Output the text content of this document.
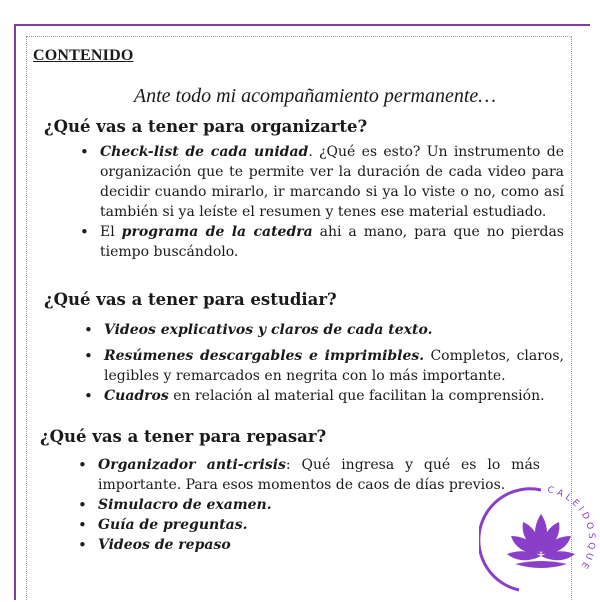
CONTENIDO
Ante todo mi acompañamiento permanente…
¿Qué vas a tener para organizarte?
• Check-list de cada unidad. ¿Qué es esto? Un instrumento de organización que te permite ver la duración de cada video para decidir cuando mirarlo, ir marcando si ya lo viste o no, como así también si ya leíste el resumen y tenes ese material estudiado.
• El programa de la catedra ahi a mano, para que no pierdas tiempo buscándolo.
¿Qué vas a tener para estudiar?
• Videos explicativos y claros de cada texto.
• Resúmenes descargables e imprimibles. Completos, claros, legibles y remarcados en negrita con lo más importante.
• Cuadros en relación al material que facilitan la comprensión.
¿Qué vas a tener para repasar?
• Organizador anti-crisis: Qué ingresa y qué es lo más importante. Para esos momentos de caos de días previos.
• Simulacro de examen.
• Guía de preguntas.
• Videos de repaso
CALEIDOSQUE
